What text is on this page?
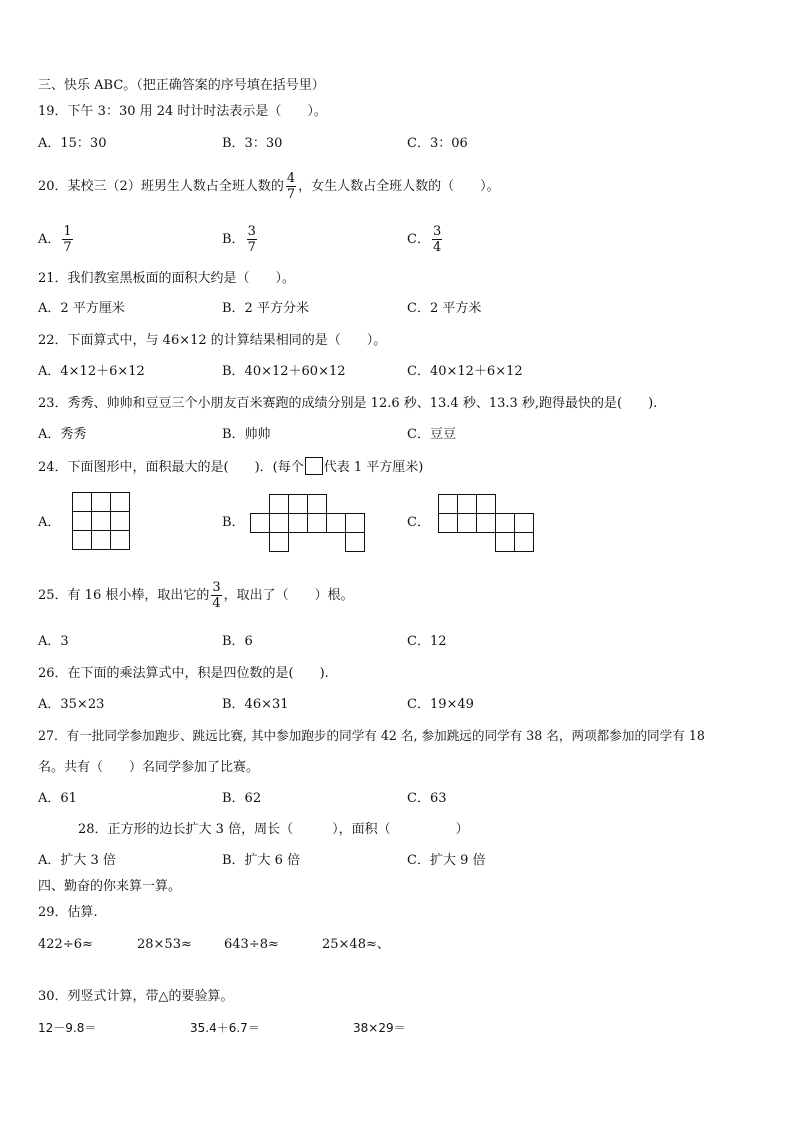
三、快乐 ABC。（把正确答案的序号填在括号里）
19．下午 3：30 用 24 时计时法表示是（　　）。
A．15：30	B．3：30	C．3：06
20．某校三（2）班男生人数占全班人数的 $\frac{4}{7}$ ，女生人数占全班人数的（　　）。
A． $\frac{1}{7}$	B． $\frac{3}{7}$	C． $\frac{3}{4}$
21．我们教室黑板面的面积大约是（　　）。
A．2 平方厘米	B．2 平方分米	C．2 平方米
22．下面算式中，与 46×12 的计算结果相同的是（　　）。
A．4×12＋6×12	B．40×12＋60×12	C．40×12＋6×12
23．秀秀、帅帅和豆豆三个小朋友百米赛跑的成绩分别是 12.6 秒、13.4 秒、13.3 秒,跑得最快的是(　　).
A．秀秀	B．帅帅	C．豆豆
24．下面图形中，面积最大的是(　　)．(每个 代表 1 平方厘米)
A．	B．	C．
25．有 16 根小棒，取出它的 $\frac{3}{4}$ ，取出了（　　）根。
A．3	B．6	C．12
26．在下面的乘法算式中，积是四位数的是(　　).
A．35×23	B．46×31	C．19×49
27．有一批同学参加跑步、跳远比赛, 其中参加跑步的同学有 42 名, 参加跳远的同学有 38 名，两项都参加的同学有 18
名。共有（　　）名同学参加了比赛。
A．61	B．62	C．63
28．正方形的边长扩大 3 倍，周长（　　　），面积（　　　　　）
A．扩大 3 倍	B．扩大 6 倍	C．扩大 9 倍
四、勤奋的你来算一算。
29．估算.
422÷6≈	28×53≈ 643÷8≈	25×48≈、
30．列竖式计算，带△的要验算。
12－9.8＝	35.4＋6.7＝	38×29＝
